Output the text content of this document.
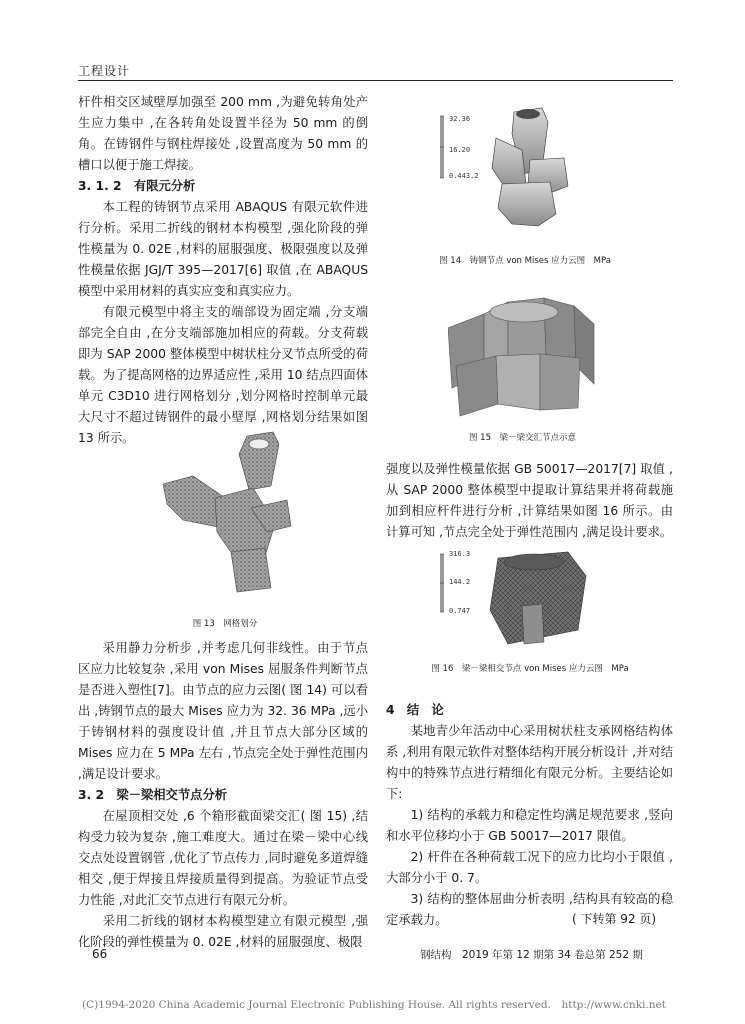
工程设计

杆件相交区域壁厚加强至 200 mm ,为避免转角处产生应力集中 ,在各转角处设置半径为 50 mm 的倒角。在铸钢件与钢柱焊接处 ,设置高度为 50 mm 的槽口以便于施工焊接。

3. 1. 2　有限元分析

本工程的铸钢节点采用 ABAQUS 有限元软件进行分析。采用二折线的钢材本构模型 ,强化阶段的弹性模量为 0. 02E ,材料的屈服强度、极限强度以及弹性模量依据 JGJ/T 395—2017[6] 取值 ,在 ABAQUS 模型中采用材料的真实应变和真实应力。

有限元模型中将主支的端部设为固定端 ,分支端部完全自由 ,在分支端部施加相应的荷载。分支荷载即为 SAP 2000 整体模型中树状柱分叉节点所受的荷载。为了提高网格的边界适应性 ,采用 10 结点四面体单元 C3D10 进行网格划分 ,划分网格时控制单元最大尺寸不超过铸钢件的最小壁厚 ,网格划分结果如图 13 所示。

图 13　网格划分

采用静力分析步 ,并考虑几何非线性。由于节点区应力比较复杂 ,采用 von Mises 屈服条件判断节点是否进入塑性[7]。由节点的应力云图( 图 14) 可以看出 ,铸钢节点的最大 Mises 应力为 32. 36 MPa ,远小于铸钢材料的强度设计值 ,并且节点大部分区域的 Mises 应力在 5 MPa 左右 ,节点完全处于弹性范围内 ,满足设计要求。

3. 2　梁－梁相交节点分析

在屋顶相交处 ,6 个箱形截面梁交汇( 图 15) ,结构受力较为复杂 ,施工难度大。通过在梁－梁中心线交点处设置钢管 ,优化了节点传力 ,同时避免多道焊缝相交 ,便于焊接且焊接质量得到提高。为验证节点受力性能 ,对此汇交节点进行有限元分析。

采用二折线的钢材本构模型建立有限元模型 ,强化阶段的弹性模量为 0. 02E ,材料的屈服强度、极限

32.36
16.20
0.443.2
图 14　铸钢节点 von Mises 应力云图　MPa
图 15　梁－梁交汇节点示意

强度以及弹性模量依据 GB 50017—2017[7] 取值 ,从 SAP 2000 整体模型中提取计算结果并将荷载施加到相应杆件进行分析 ,计算结果如图 16 所示。由计算可知 ,节点完全处于弹性范围内 ,满足设计要求。

316.3
144.2
0.747
图 16　梁－梁相交节点 von Mises 应力云图　MPa

4　结　论

某地青少年活动中心采用树状柱支承网格结构体系 ,利用有限元软件对整体结构开展分析设计 ,并对结构中的特殊节点进行精细化有限元分析。主要结论如下:

1) 结构的承载力和稳定性均满足规范要求 ,竖向和水平位移均小于 GB 50017—2017 限值。

2) 杆件在各种荷载工况下的应力比均小于限值 ,大部分小于 0. 7。

3) 结构的整体屈曲分析表明 ,结构具有较高的稳定承载力。	( 下转第 92 页)
66	钢结构　2019 年第 12 期第 34 卷总第 252 期
(C)1994-2020 China Academic Journal Electronic Publishing House. All rights reserved.　http://www.cnki.net
